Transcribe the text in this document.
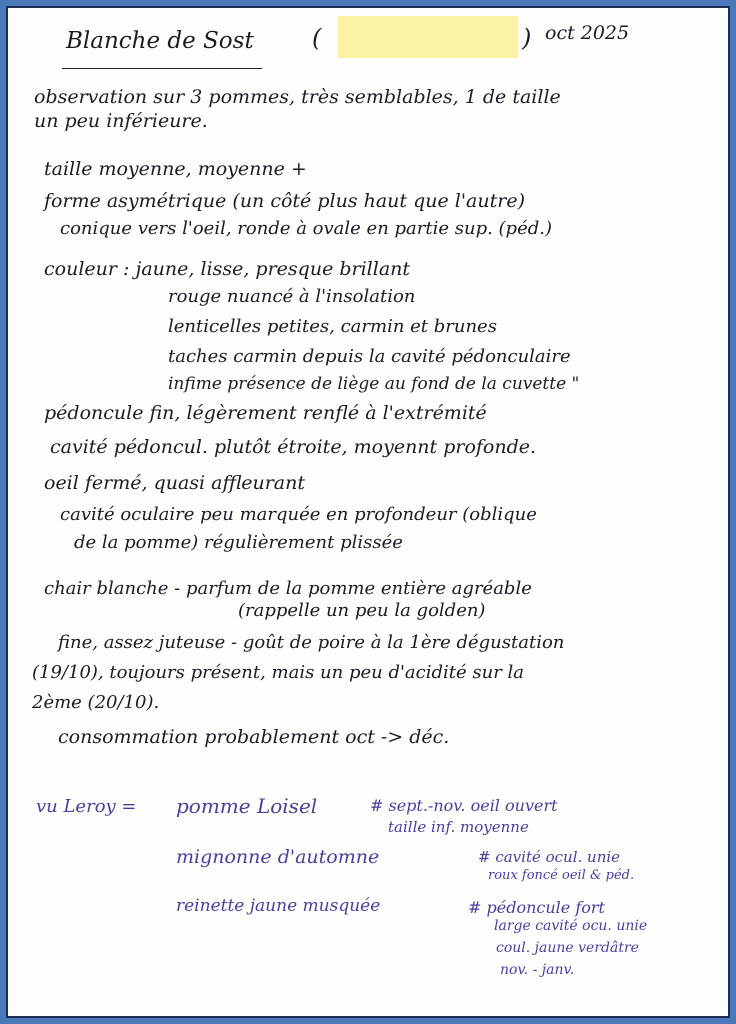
Blanche de Sost (	) oct 2025
observation sur 3 pommes, très semblables, 1 de taille
un peu inférieure.
taille moyenne, moyenne +
forme asymétrique (un côté plus haut que l'autre)
conique vers l'oeil, ronde à ovale en partie sup. (péd.)
couleur : jaune, lisse, presque brillant
rouge nuancé à l'insolation
lenticelles petites, carmin et brunes
taches carmin depuis la cavité pédonculaire
infime présence de liège au fond de la cuvette "
pédoncule fin, légèrement renflé à l'extrémité
cavité pédoncul. plutôt étroite, moyennt profonde.
oeil fermé, quasi affleurant
cavité oculaire peu marquée en profondeur (oblique
de la pomme) régulièrement plissée
chair blanche - parfum de la pomme entière agréable
(rappelle un peu la golden)
fine, assez juteuse - goût de poire à la 1ère dégustation
(19/10), toujours présent, mais un peu d'acidité sur la
2ème (20/10).
consommation probablement oct -> déc.
vu Leroy = pomme Loisel	# sept.-nov. oeil ouvert
taille inf. moyenne
mignonne d'automne	# cavité ocul. unie
roux foncé oeil & péd.
reinette jaune musquée	# pédoncule fort
large cavité ocu. unie
coul. jaune verdâtre
nov. - janv.
